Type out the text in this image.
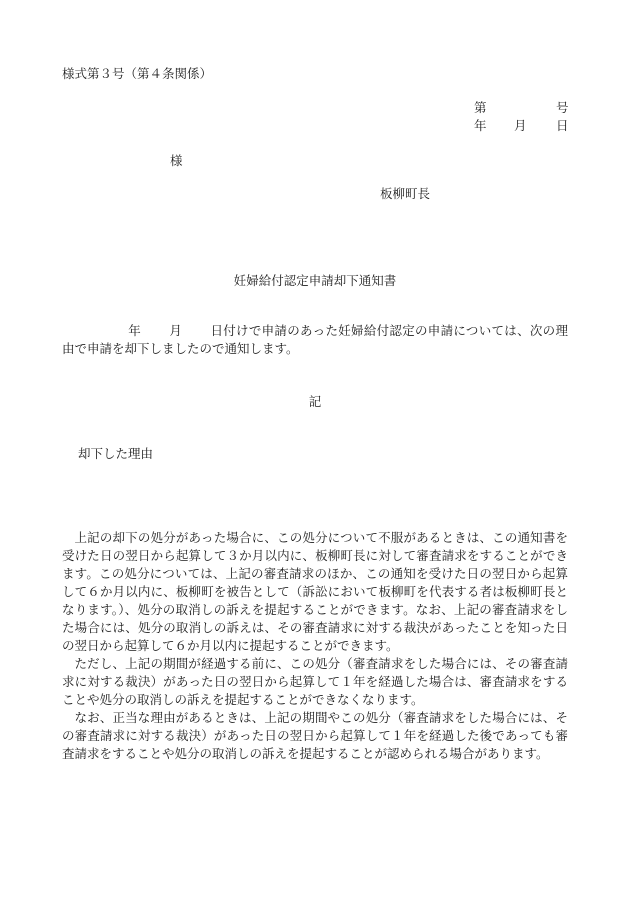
様式第３号（第４条関係）
第	号
年 月 日
様
板柳町長
妊婦給付認定申請却下通知書
年 月 日付けで申請のあった妊婦給付認定の申請については、次の理由で申請を却下しましたので通知します。
記
却下した理由

上記の却下の処分があった場合に、この処分について不服があるときは、この通知書を受けた日の翌日から起算して３か月以内に、板柳町長に対して審査請求をすることができます。この処分については、上記の審査請求のほか、この通知を受けた日の翌日から起算して６か月以内に、板柳町を被告として（訴訟において板柳町を代表する者は板柳町長となります。）、処分の取消しの訴えを提起することができます。なお、上記の審査請求をした場合には、処分の取消しの訴えは、その審査請求に対する裁決があったことを知った日の翌日から起算して６か月以内に提起することができます。

ただし、上記の期間が経過する前に、この処分（審査請求をした場合には、その審査請求に対する裁決）があった日の翌日から起算して１年を経過した場合は、審査請求をすることや処分の取消しの訴えを提起することができなくなります。

なお、正当な理由があるときは、上記の期間やこの処分（審査請求をした場合には、その審査請求に対する裁決）があった日の翌日から起算して１年を経過した後であっても審査請求をすることや処分の取消しの訴えを提起することが認められる場合があります。
